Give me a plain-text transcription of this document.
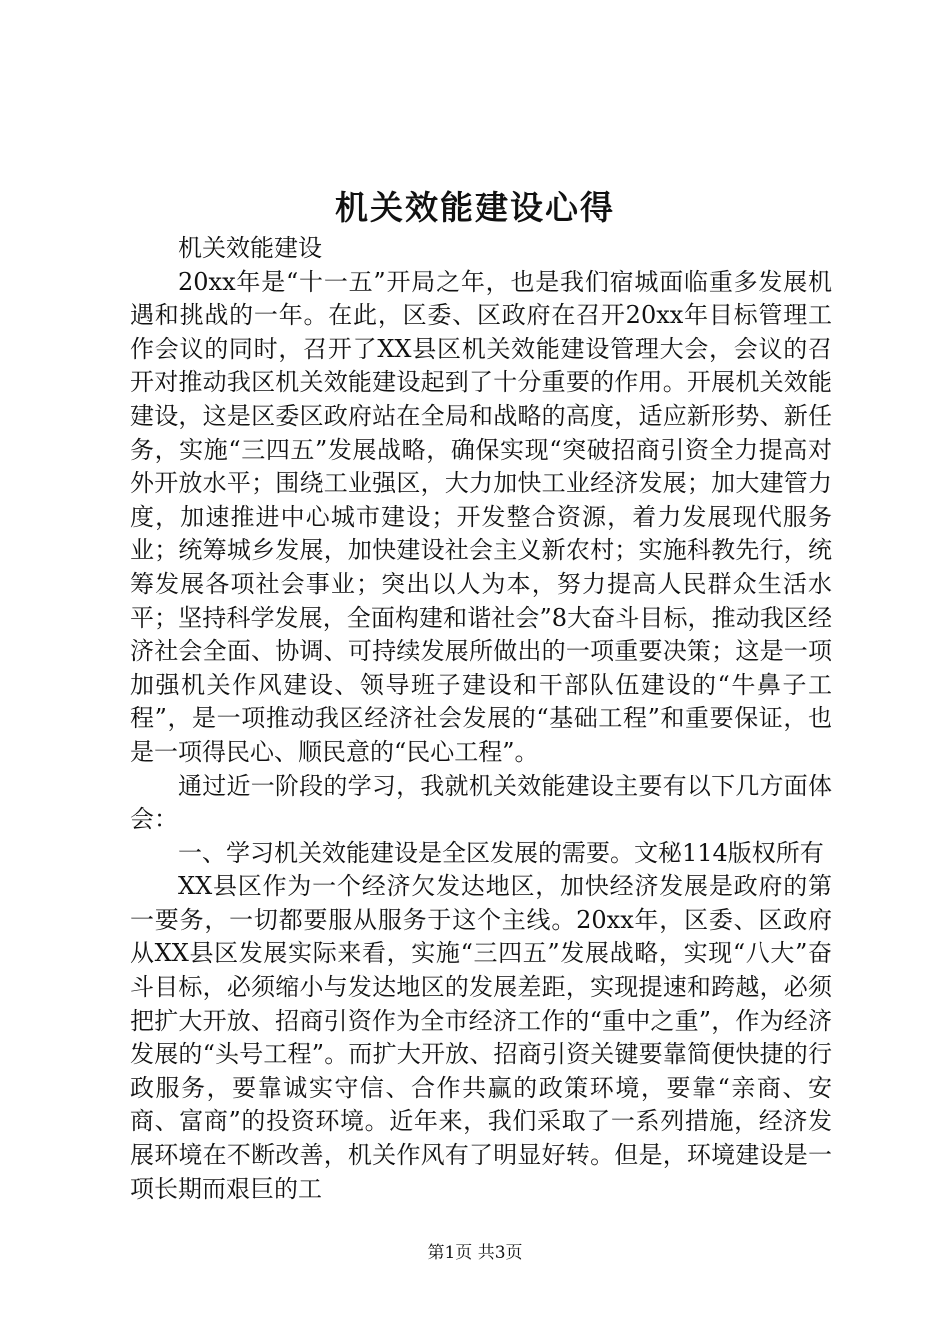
机关效能建设心得

机关效能建设

20xx年是“十一五”开局之年，也是我们宿城面临重多发展机遇和挑战的一年。在此，区委、区政府在召开20xx年目标管理工作会议的同时，召开了XX县区机关效能建设管理大会，会议的召开对推动我区机关效能建设起到了十分重要的作用。开展机关效能建设，这是区委区政府站在全局和战略的高度，适应新形势、新任务，实施“三四五”发展战略，确保实现“突破招商引资全力提高对外开放水平；围绕工业强区，大力加快工业经济发展；加大建管力度，加速推进中心城市建设；开发整合资源，着力发展现代服务业；统筹城乡发展，加快建设社会主义新农村；实施科教先行，统筹发展各项社会事业；突出以人为本，努力提高人民群众生活水平；坚持科学发展，全面构建和谐社会”8大奋斗目标，推动我区经济社会全面、协调、可持续发展所做出的一项重要决策；这是一项加强机关作风建设、领导班子建设和干部队伍建设的“牛鼻子工程”，是一项推动我区经济社会发展的“基础工程”和重要保证，也是一项得民心、顺民意的“民心工程”。

通过近一阶段的学习，我就机关效能建设主要有以下几方面体会：

一、学习机关效能建设是全区发展的需要。文秘114版权所有

XX县区作为一个经济欠发达地区，加快经济发展是政府的第一要务，一切都要服从服务于这个主线。20xx年，区委、区政府从XX县区发展实际来看，实施“三四五”发展战略，实现“八大”奋斗目标，必须缩小与发达地区的发展差距，实现提速和跨越，必须把扩大开放、招商引资作为全市经济工作的“重中之重”，作为经济发展的“头号工程”。而扩大开放、招商引资关键要靠简便快捷的行政服务，要靠诚实守信、合作共赢的政策环境，要靠“亲商、安商、富商”的投资环境。近年来，我们采取了一系列措施，经济发展环境在不断改善，机关作风有了明显好转。但是，环境建设是一项长期而艰巨的工

第1页 共3页
